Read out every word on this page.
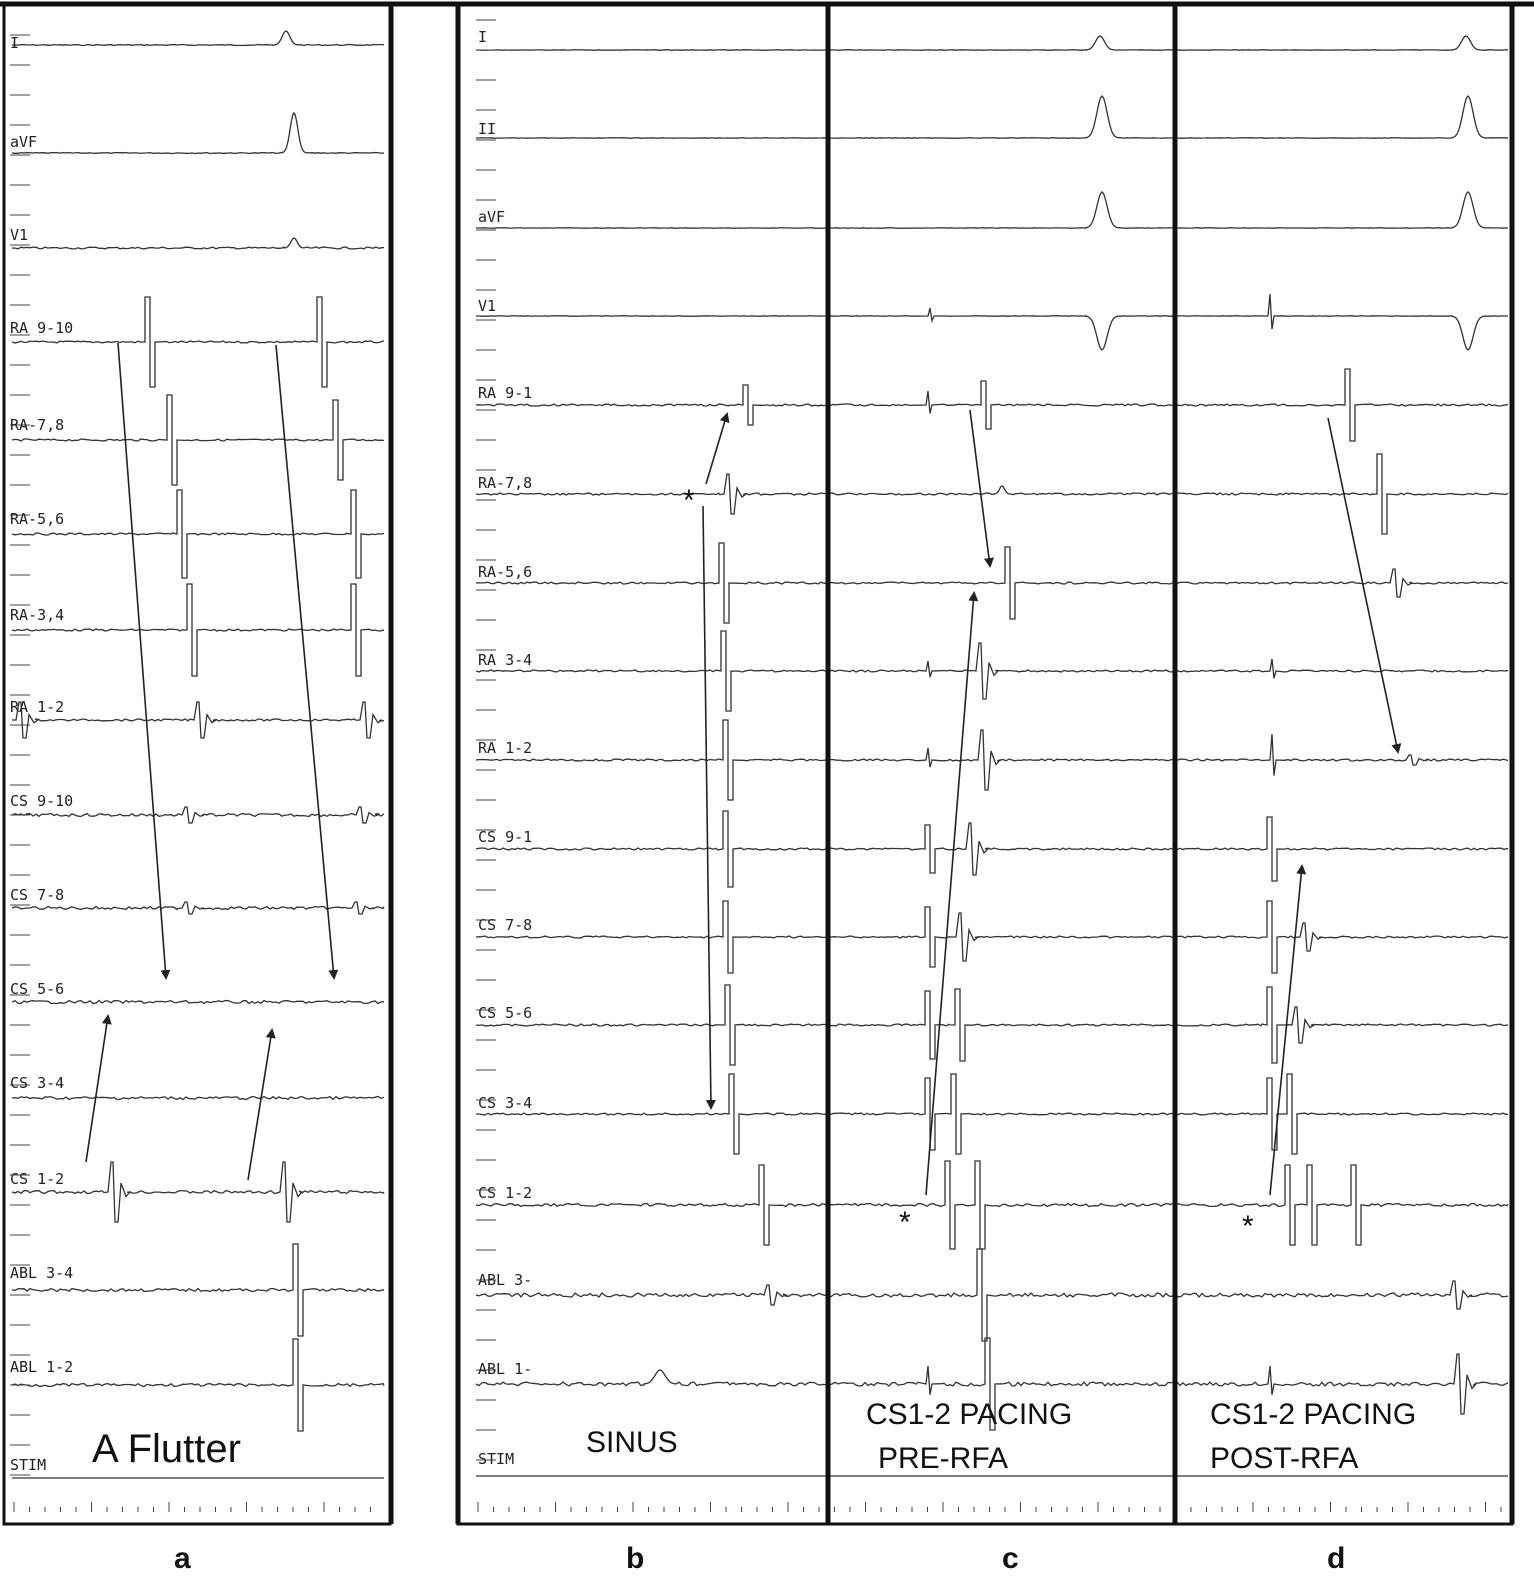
I
aVF
V1
RA 9-10
RA-7,8
RA-5,6
RA-3,4
RA 1-2
CS 9-10
CS 7-8
CS 5-6
CS 3-4
CS 1-2
ABL 3-4
ABL 1-2
STIM
I
II
aVF
V1
RA 9-1
RA-7,8
RA-5,6
RA 3-4
RA 1-2
CS 9-1
CS 7-8
CS 5-6
CS 3-4
CS 1-2
ABL 3-
ABL 1-
STIM
A Flutter	SINUS
CS1-2 PACING
PRE-RFA
CS1-2 PACING
POST-RFA
*
*	*
a	b	c	d
